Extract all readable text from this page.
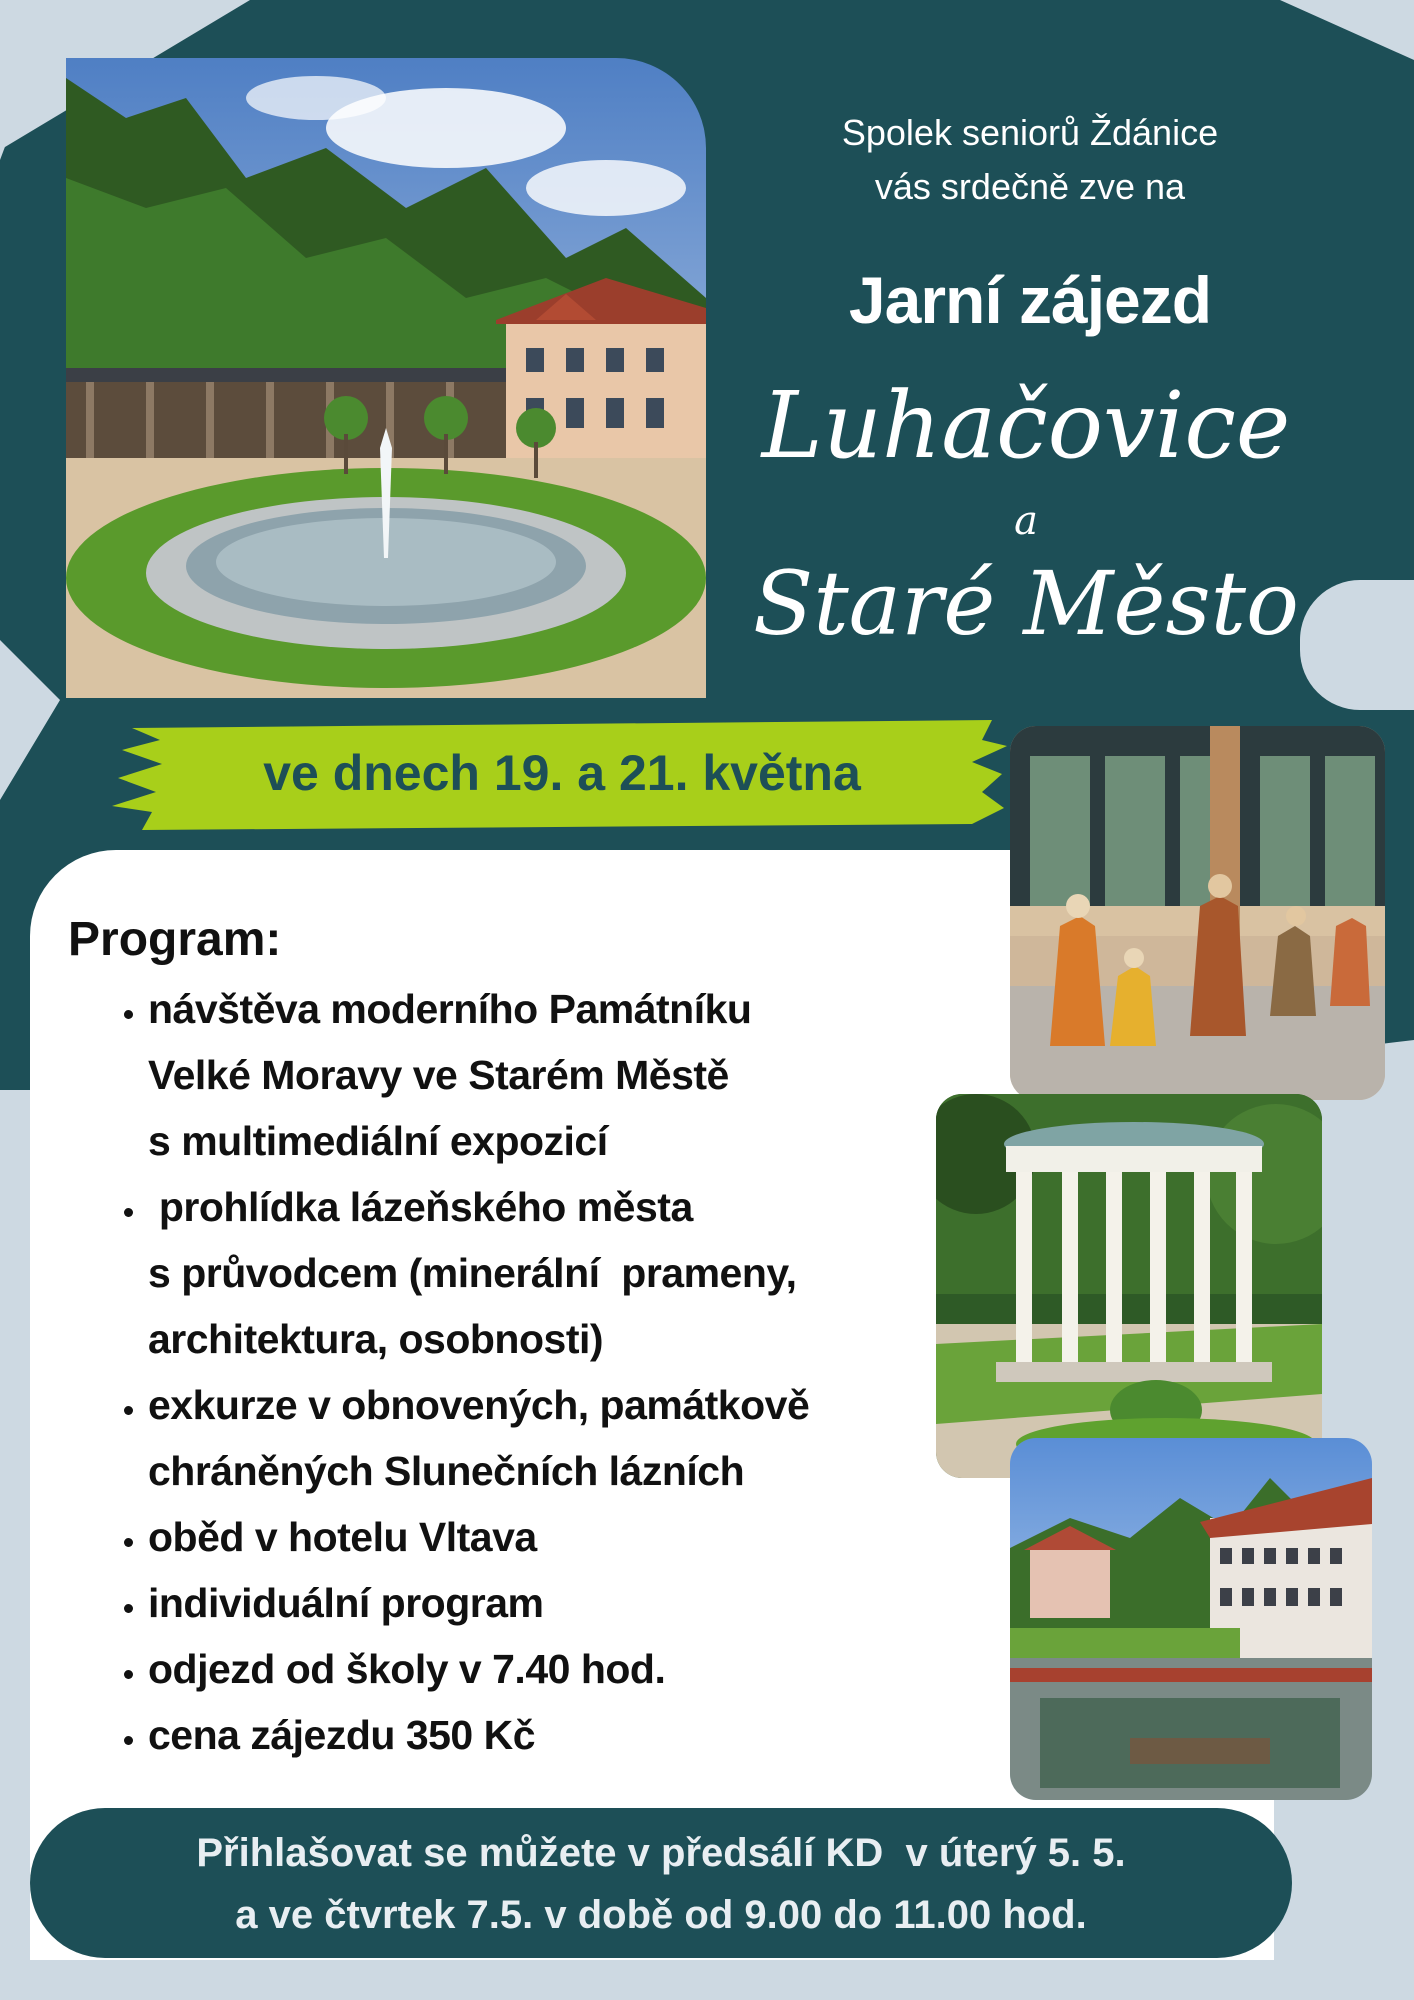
Spolek seniorů Ždánice
vás srdečně zve na
Jarní zájezd
Luhačovice
a
Staré Město
ve dnech 19. a 21. května
Program:
• návštěva moderního Památníku
Velké Moravy ve Starém Městě
s multimediální expozicí
•  prohlídka lázeňského města
s průvodcem (minerální  prameny,
architektura, osobnosti)
• exkurze v obnovených, památkově
chráněných Slunečních lázních
• oběd v hotelu Vltava
• individuální program
• odjezd od školy v 7.40 hod.
• cena zájezdu 350 Kč
Přihlašovat se můžete v předsálí KD  v úterý 5. 5.
a ve čtvrtek 7.5. v době od 9.00 do 11.00 hod.
